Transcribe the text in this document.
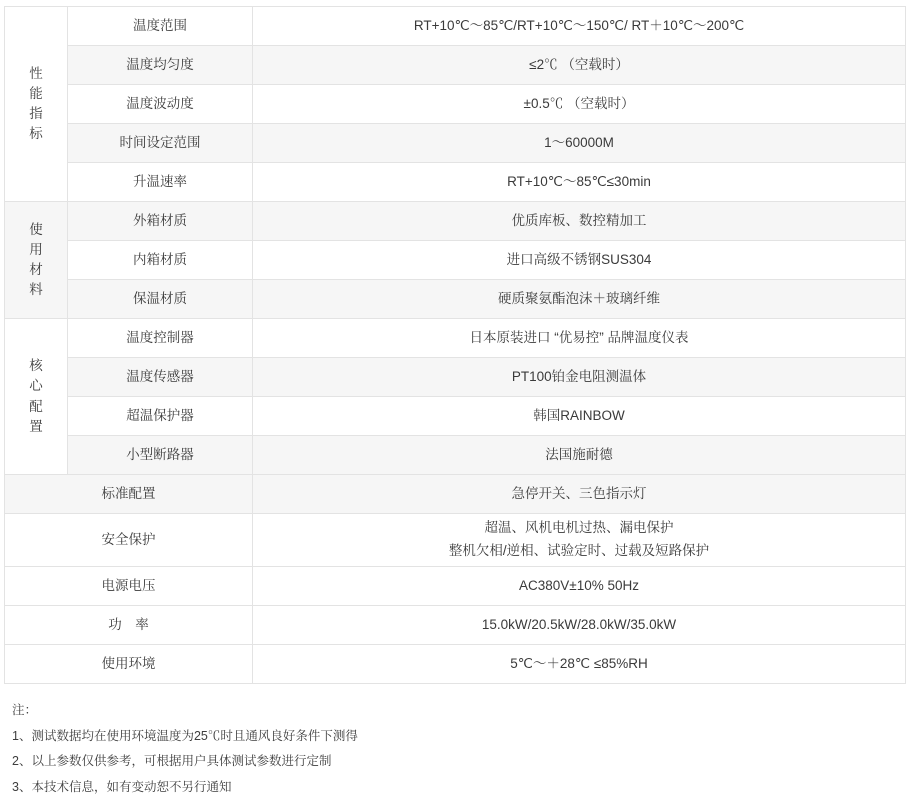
性能指标	温度范围	RT+10℃～85℃/RT+10℃～150℃/ RT＋10℃～200℃
	温度均匀度	≤2℃ （空载时）
	温度波动度	±0.5℃ （空载时）
	时间设定范围	1～60000M
	升温速率	RT+10℃～85℃≤30min

使用材料	外箱材质	优质库板、数控精加工
	内箱材质	进口高级不锈钢SUS304
	保温材质	硬质聚氨酯泡沫＋玻璃纤维

核心配置	温度控制器	日本原装进口 “优易控” 品牌温度仪表
	温度传感器	PT100铂金电阻测温体
	超温保护器	韩国RAINBOW
	小型断路器	法国施耐德
标准配置		急停开关、三色指示灯
安全保护		超温、风机电机过热、漏电保护
整机欠相/逆相、试验定时、过载及短路保护

电源电压		AC380V±10% 50Hz
功　率		15.0kW/20.5kW/28.0kW/35.0kW
使用环境		5℃～＋28℃ ≤85%RH
注：
1、测试数据均在使用环境温度为25℃时且通风良好条件下测得
2、以上参数仅供参考，可根据用户具体测试参数进行定制
3、本技术信息，如有变动恕不另行通知
